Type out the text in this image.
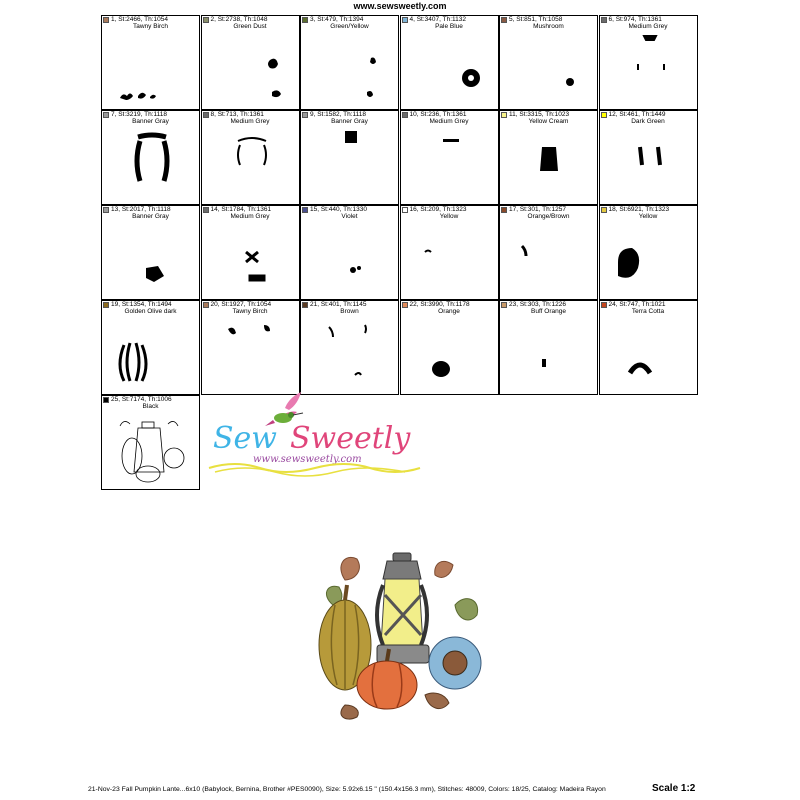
www.sewsweetly.com
1, St:2466, Th:1054
Tawny Birch
2, St:2738, Th:1048
Green Dust
3, St:479, Th:1394
Green/Yellow
4, St:3407, Th:1132
Pale Blue
5, St:851, Th:1058
Mushroom
6, St:974, Th:1361
Medium Grey
7, St:3219, Th:1118
Banner Gray
8, St:713, Th:1361
Medium Grey
9, St:1582, Th:1118
Banner Gray
10, St:236, Th:1361
Medium Grey
11, St:3315, Th:1023
Yellow Cream
12, St:461, Th:1449
Dark Green
13, St:2017, Th:1118
Banner Gray
14, St:1784, Th:1361
Medium Grey
15, St:440, Th:1330
Violet
16, St:209, Th:1323
Yellow
17, St:301, Th:1257
Orange/Brown
18, St:6921, Th:1323
Yellow
19, St:1354, Th:1494
Golden Olive dark
20, St:1927, Th:1054
Tawny Birch
21, St:401, Th:1145
Brown
22, St:3990, Th:1178
Orange
23, St:303, Th:1226
Buff Orange
24, St:747, Th:1021
Terra Cotta
25, St:7174, Th:1006
Black
Sew Sweetly
www.sewsweetly.com
21-Nov-23 Fall Pumpkin Lante...6x10 (Babylock, Bernina, Brother #PES0090), Size: 5.92x6.15 " (150.4x156.3 mm), Stitches: 48009, Colors: 18/25, Catalog: Madeira Rayon	Scale 1:2
